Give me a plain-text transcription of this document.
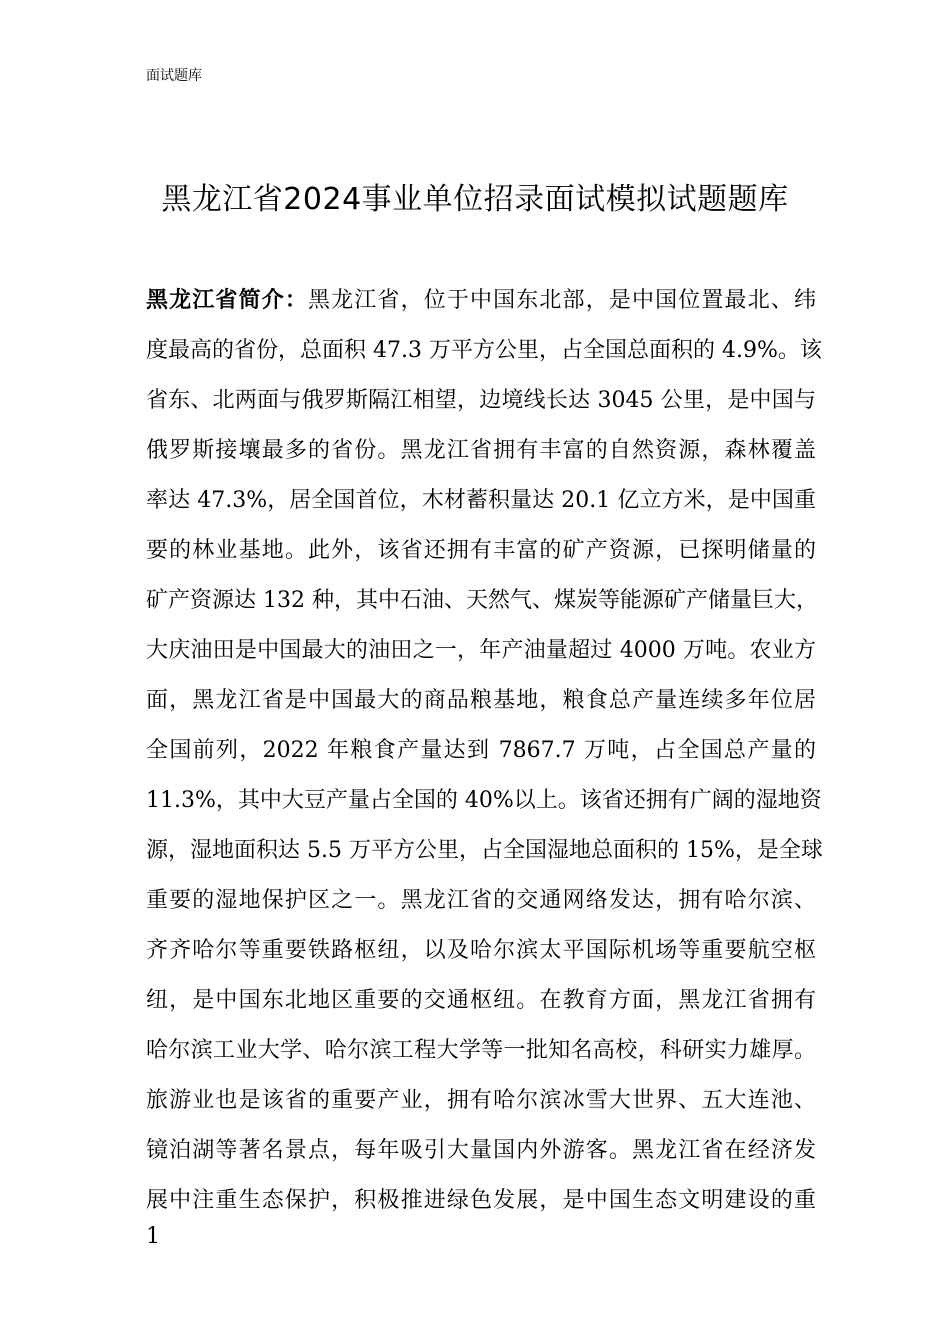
面试题库
黑龙江省2024事业单位招录面试模拟试题题库
黑龙江省简介：黑龙江省，位于中国东北部，是中国位置最北、纬
度最高的省份，总面积 47.3 万平方公里，占全国总面积的 4.9%。该
省东、北两面与俄罗斯隔江相望，边境线长达 3045 公里，是中国与
俄罗斯接壤最多的省份。黑龙江省拥有丰富的自然资源，森林覆盖
率达 47.3%，居全国首位，木材蓄积量达 20.1 亿立方米，是中国重
要的林业基地。此外，该省还拥有丰富的矿产资源，已探明储量的
矿产资源达 132 种，其中石油、天然气、煤炭等能源矿产储量巨大，
大庆油田是中国最大的油田之一，年产油量超过 4000 万吨。农业方
面，黑龙江省是中国最大的商品粮基地，粮食总产量连续多年位居
全国前列，2022 年粮食产量达到 7867.7 万吨，占全国总产量的
11.3%，其中大豆产量占全国的 40%以上。该省还拥有广阔的湿地资
源，湿地面积达 5.5 万平方公里，占全国湿地总面积的 15%，是全球
重要的湿地保护区之一。黑龙江省的交通网络发达，拥有哈尔滨、
齐齐哈尔等重要铁路枢纽，以及哈尔滨太平国际机场等重要航空枢
纽，是中国东北地区重要的交通枢纽。在教育方面，黑龙江省拥有
哈尔滨工业大学、哈尔滨工程大学等一批知名高校，科研实力雄厚。
旅游业也是该省的重要产业，拥有哈尔滨冰雪大世界、五大连池、
镜泊湖等著名景点，每年吸引大量国内外游客。黑龙江省在经济发
展中注重生态保护，积极推进绿色发展，是中国生态文明建设的重
1
